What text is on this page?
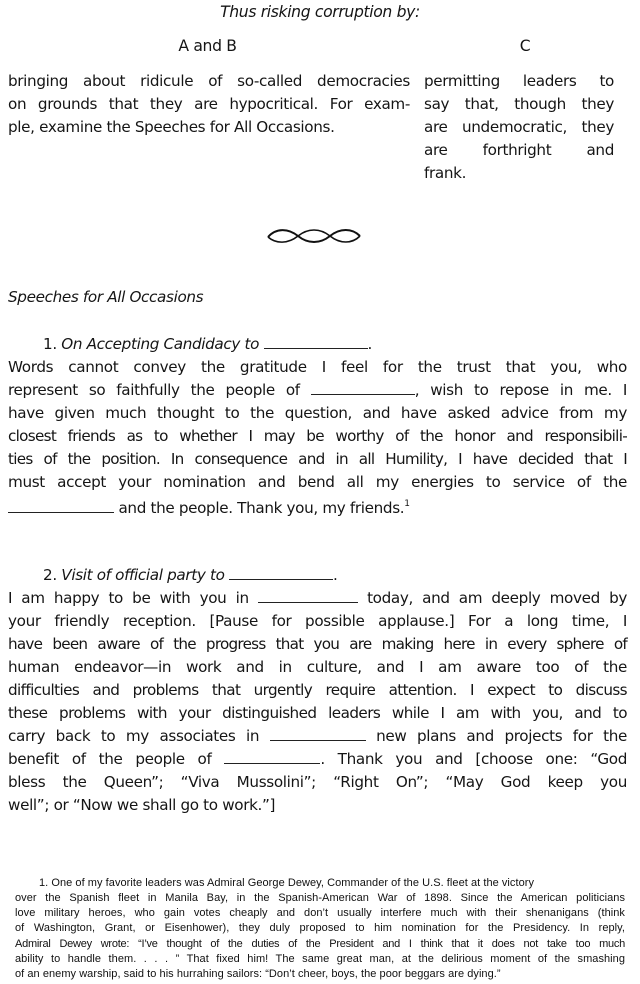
Thus risking corruption by:
A and B	C
bringing about ridicule of so-called democracies
on grounds that they are hypocritical. For exam-
ple, examine the Speeches for All Occasions.
permitting leaders to
say that, though they
are undemocratic, they
are forthright and
frank.
Speeches for All Occasions
1. On Accepting Candidacy to	.
Words cannot convey the gratitude I feel for the trust that you, who
represent so faithfully the people of	, wish to repose in me. I
have given much thought to the question, and have asked advice from my
closest friends as to whether I may be worthy of the honor and responsibili-
ties of the position. In consequence and in all Humility, I have decided that I
must accept your nomination and bend all my energies to service of the
and the people. Thank you, my friends.$^1$
2. Visit of official party to	.
I am happy to be with you in	today, and am deeply moved by
your friendly reception. [Pause for possible applause.] For a long time, I
have been aware of the progress that you are making here in every sphere of
human endeavor—in work and in culture, and I am aware too of the
difficulties and problems that urgently require attention. I expect to discuss
these problems with your distinguished leaders while I am with you, and to
carry back to my associates in	new plans and projects for the
benefit of the people of	. Thank you and [choose one: “God
bless the Queen”; “Viva Mussolini”; “Right On”; “May God keep you
well”; or “Now we shall go to work.”]
1. One of my favorite leaders was Admiral George Dewey, Commander of the U.S. fleet at the victory
over the Spanish fleet in Manila Bay, in the Spanish-American War of 1898. Since the American politicians
love military heroes, who gain votes cheaply and don’t usually interfere much with their shenanigans (think
of Washington, Grant, or Eisenhower), they duly proposed to him nomination for the Presidency. In reply,
Admiral Dewey wrote: “I’ve thought of the duties of the President and I think that it does not take too much
ability to handle them. . . . ” That fixed him! The same great man, at the delirious moment of the smashing
of an enemy warship, said to his hurrahing sailors: “Don’t cheer, boys, the poor beggars are dying.”
